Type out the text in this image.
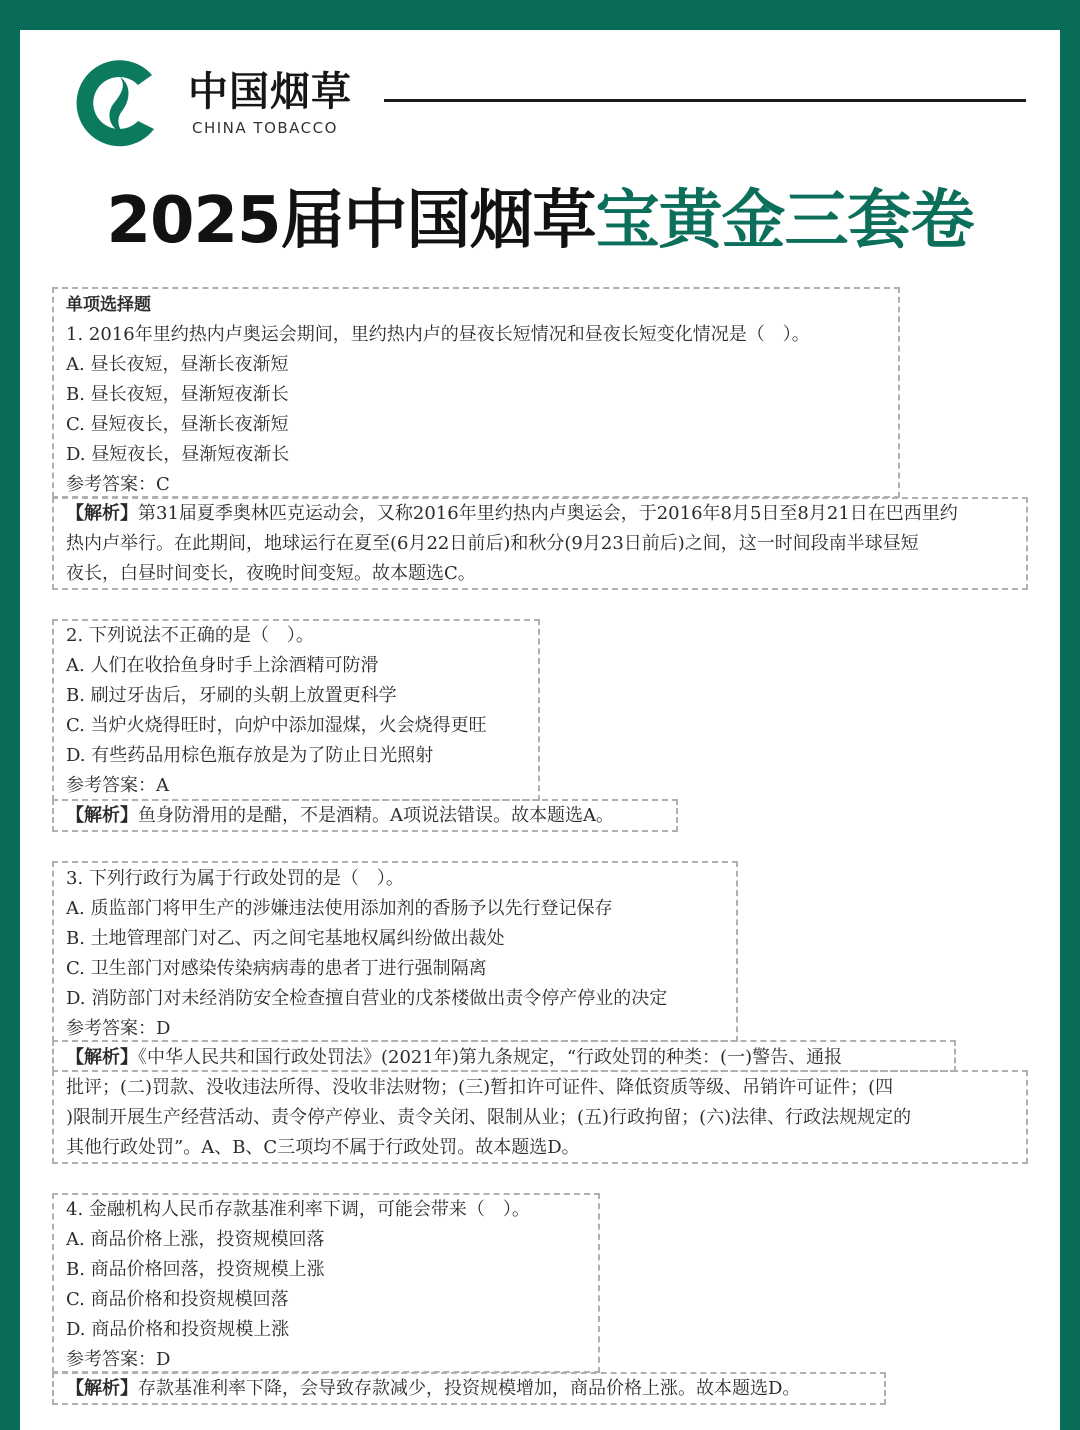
中国烟草
CHINA TOBACCO
2025届中国烟草宝黄金三套卷
单项选择题
1. 2016年里约热内卢奥运会期间，里约热内卢的昼夜长短情况和昼夜长短变化情况是（　）。
A. 昼长夜短，昼渐长夜渐短
B. 昼长夜短，昼渐短夜渐长
C. 昼短夜长，昼渐长夜渐短
D. 昼短夜长，昼渐短夜渐长
参考答案：C
【解析】第31届夏季奥林匹克运动会，又称2016年里约热内卢奥运会，于2016年8月5日至8月21日在巴西里约
热内卢举行。在此期间，地球运行在夏至(6月22日前后)和秋分(9月23日前后)之间，这一时间段南半球昼短
夜长，白昼时间变长，夜晚时间变短。故本题选C。
2. 下列说法不正确的是（　）。
A. 人们在收拾鱼身时手上涂酒精可防滑
B. 刷过牙齿后，牙刷的头朝上放置更科学
C. 当炉火烧得旺时，向炉中添加湿煤，火会烧得更旺
D. 有些药品用棕色瓶存放是为了防止日光照射
参考答案：A
【解析】鱼身防滑用的是醋，不是酒精。A项说法错误。故本题选A。
3. 下列行政行为属于行政处罚的是（　）。
A. 质监部门将甲生产的涉嫌违法使用添加剂的香肠予以先行登记保存
B. 土地管理部门对乙、丙之间宅基地权属纠纷做出裁处
C. 卫生部门对感染传染病病毒的患者丁进行强制隔离
D. 消防部门对未经消防安全检查擅自营业的戊茶楼做出责令停产停业的决定
参考答案：D
【解析】《中华人民共和国行政处罚法》(2021年)第九条规定，“行政处罚的种类：(一)警告、通报
批评；(二)罚款、没收违法所得、没收非法财物；(三)暂扣许可证件、降低资质等级、吊销许可证件；(四
)限制开展生产经营活动、责令停产停业、责令关闭、限制从业；(五)行政拘留；(六)法律、行政法规规定的
其他行政处罚”。A、B、C三项均不属于行政处罚。故本题选D。
4. 金融机构人民币存款基准利率下调，可能会带来（　）。
A. 商品价格上涨，投资规模回落
B. 商品价格回落，投资规模上涨
C. 商品价格和投资规模回落
D. 商品价格和投资规模上涨
参考答案：D
【解析】存款基准利率下降，会导致存款减少，投资规模增加，商品价格上涨。故本题选D。
